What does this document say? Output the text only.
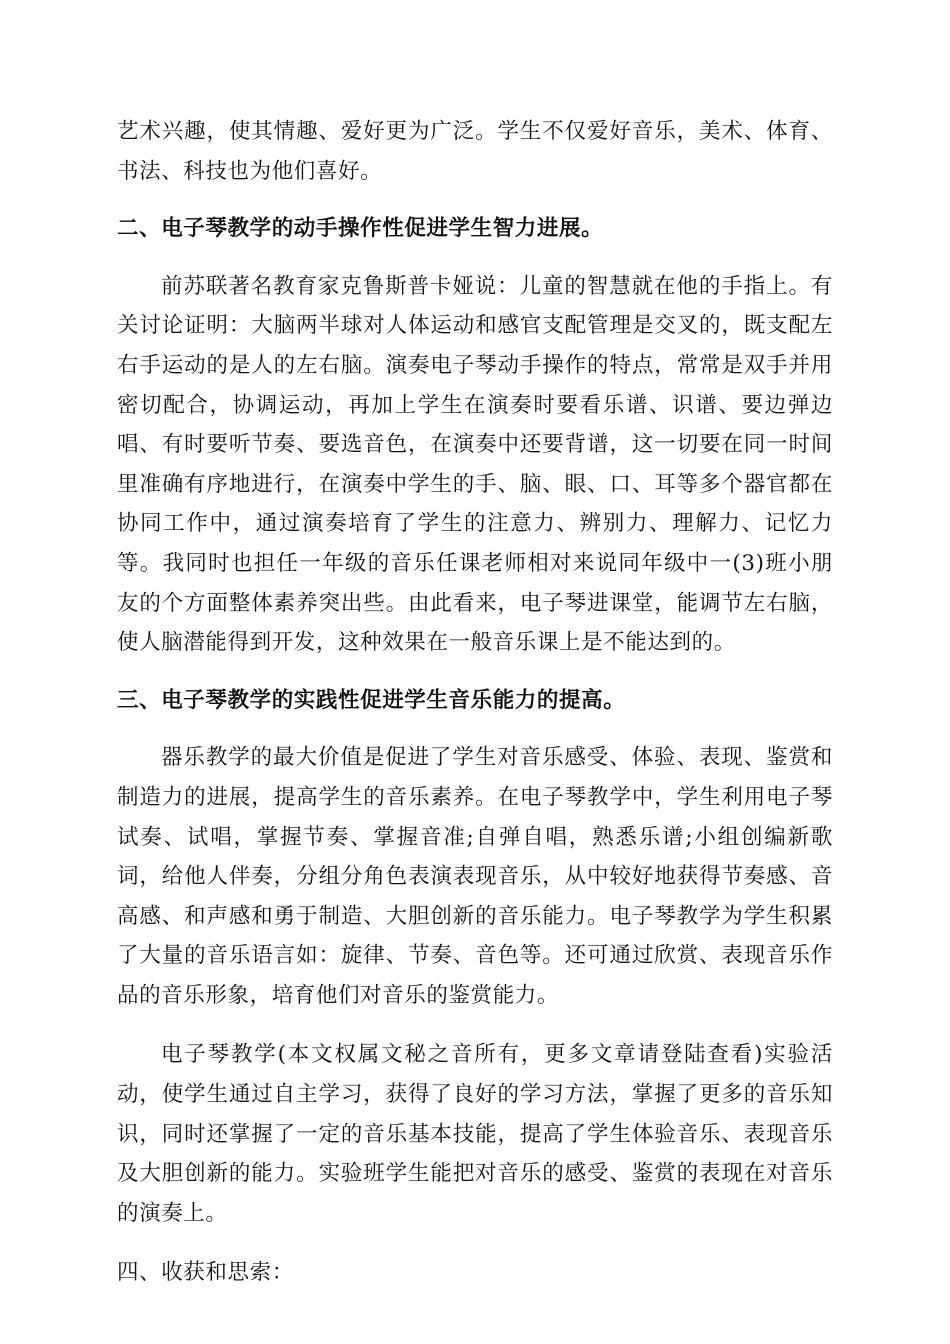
艺术兴趣，使其情趣、爱好更为广泛。学生不仅爱好音乐，美术、体育、书法、科技也为他们喜好。

二、电子琴教学的动手操作性促进学生智力进展。

前苏联著名教育家克鲁斯普卡娅说：儿童的智慧就在他的手指上。有关讨论证明：大脑两半球对人体运动和感官支配管理是交叉的，既支配左右手运动的是人的左右脑。演奏电子琴动手操作的特点，常常是双手并用密切配合，协调运动，再加上学生在演奏时要看乐谱、识谱、要边弹边唱、有时要听节奏、要选音色，在演奏中还要背谱，这一切要在同一时间里准确有序地进行，在演奏中学生的手、脑、眼、口、耳等多个器官都在协同工作中，通过演奏培育了学生的注意力、辨别力、理解力、记忆力等。我同时也担任一年级的音乐任课老师相对来说同年级中一(3)班小朋友的个方面整体素养突出些。由此看来，电子琴进课堂，能调节左右脑，使人脑潜能得到开发，这种效果在一般音乐课上是不能达到的。

三、电子琴教学的实践性促进学生音乐能力的提高。

器乐教学的最大价值是促进了学生对音乐感受、体验、表现、鉴赏和制造力的进展，提高学生的音乐素养。在电子琴教学中，学生利用电子琴试奏、试唱，掌握节奏、掌握音准;自弹自唱，熟悉乐谱;小组创编新歌词，给他人伴奏，分组分角色表演表现音乐，从中较好地获得节奏感、音高感、和声感和勇于制造、大胆创新的音乐能力。电子琴教学为学生积累了大量的音乐语言如：旋律、节奏、音色等。还可通过欣赏、表现音乐作品的音乐形象，培育他们对音乐的鉴赏能力。

电子琴教学(本文权属文秘之音所有，更多文章请登陆查看)实验活动，使学生通过自主学习，获得了良好的学习方法，掌握了更多的音乐知识，同时还掌握了一定的音乐基本技能，提高了学生体验音乐、表现音乐及大胆创新的能力。实验班学生能把对音乐的感受、鉴赏的表现在对音乐的演奏上。

四、收获和思索：
